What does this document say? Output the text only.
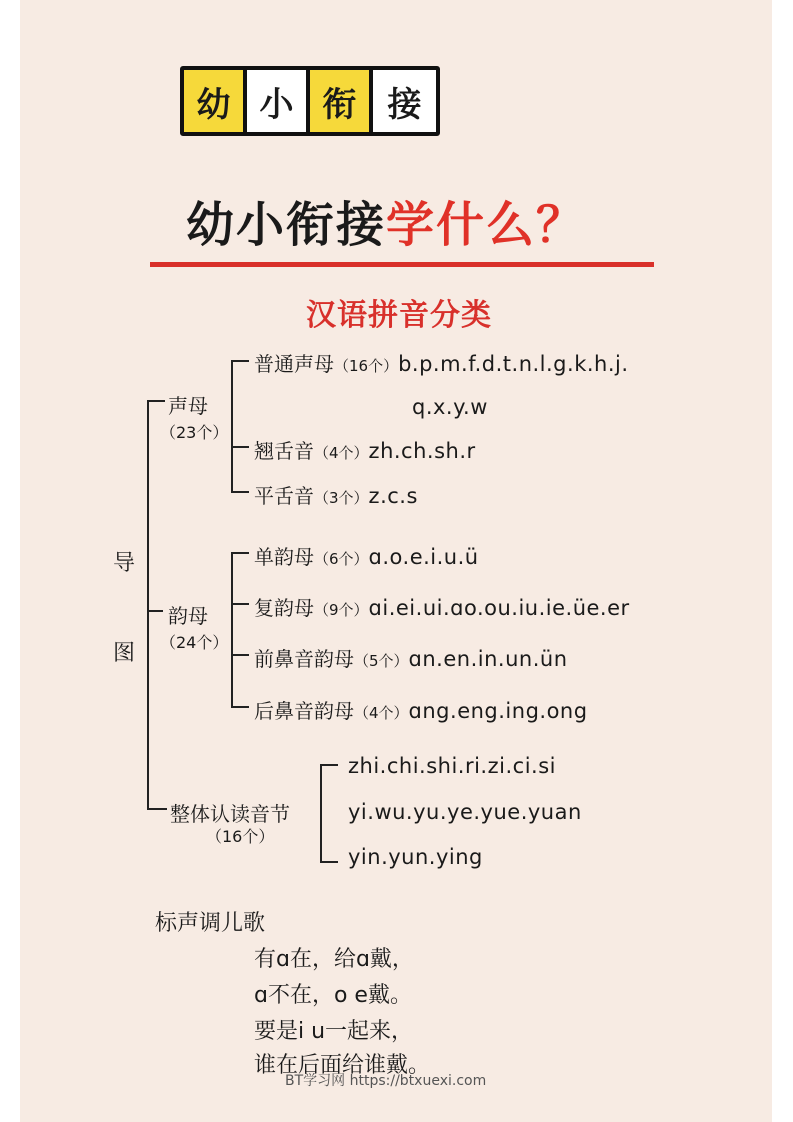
幼 小 衔 接
幼小衔接学什么？
汉语拼音分类
导
图
声母
（23个）
普通声母（16个）b.p.m.f.d.t.n.l.g.k.h.j.
q.x.y.w
翘舌音（4个）zh.ch.sh.r
平舌音（3个）z.c.s
韵母
（24个）
单韵母（6个）ɑ.o.e.i.u.ü
复韵母（9个）ɑi.ei.ui.ɑo.ou.iu.ie.üe.er
前鼻音韵母（5个）ɑn.en.in.un.ün
后鼻音韵母（4个）ɑng.eng.ing.ong
整体认读音节
（16个）
zhi.chi.shi.ri.zi.ci.si
yi.wu.yu.ye.yue.yuan
yin.yun.ying
标声调儿歌
有ɑ在，给ɑ戴，
ɑ不在，o e戴。
要是i u一起来，
谁在后面给谁戴。
BT学习网 https://btxuexi.com
